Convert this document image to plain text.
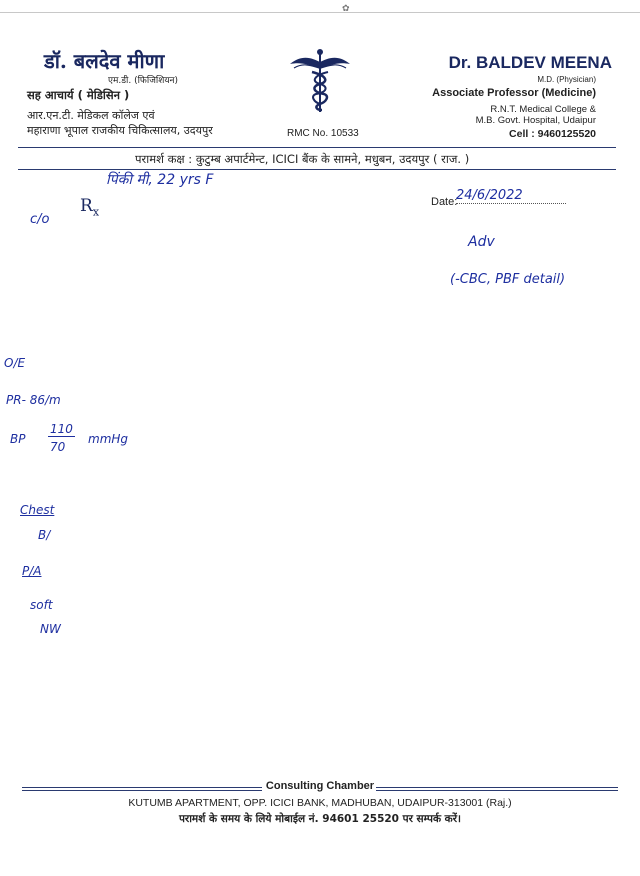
✿
डॉ. बलदेव मीणा
एम.डी. (फिजिशियन)
सह आचार्य ( मेडिसिन )
आर.एन.टी. मेडिकल कॉलेज एवं
महाराणा भूपाल राजकीय चिकित्सालय, उदयपुर	RMC No. 10533
Dr. BALDEV MEENA
M.D. (Physician)
Associate Professor (Medicine)
R.N.T. Medical College &
M.B. Govt. Hospital, Udaipur
Cell : 9460125520
परामर्श कक्ष : कुटुम्ब अपार्टमेन्ट, ICICI बैंक के सामने, मधुबन, उदयपुर ( राज. )
$R_x$
Date:
24/6/2022
पिंकी मी, 22 yrs F
c/o
Adv
(-CBC, PBF detail)
O/E
PR- 86/m
BP
110
70
mmHg
Chest
B/
P/A
soft
NW
Consulting Chamber
KUTUMB APARTMENT, OPP. ICICI BANK, MADHUBAN, UDAIPUR-313001 (Raj.)
परामर्श के समय के लिये मोबाईल नं. 94601 25520 पर सम्पर्क करें।
